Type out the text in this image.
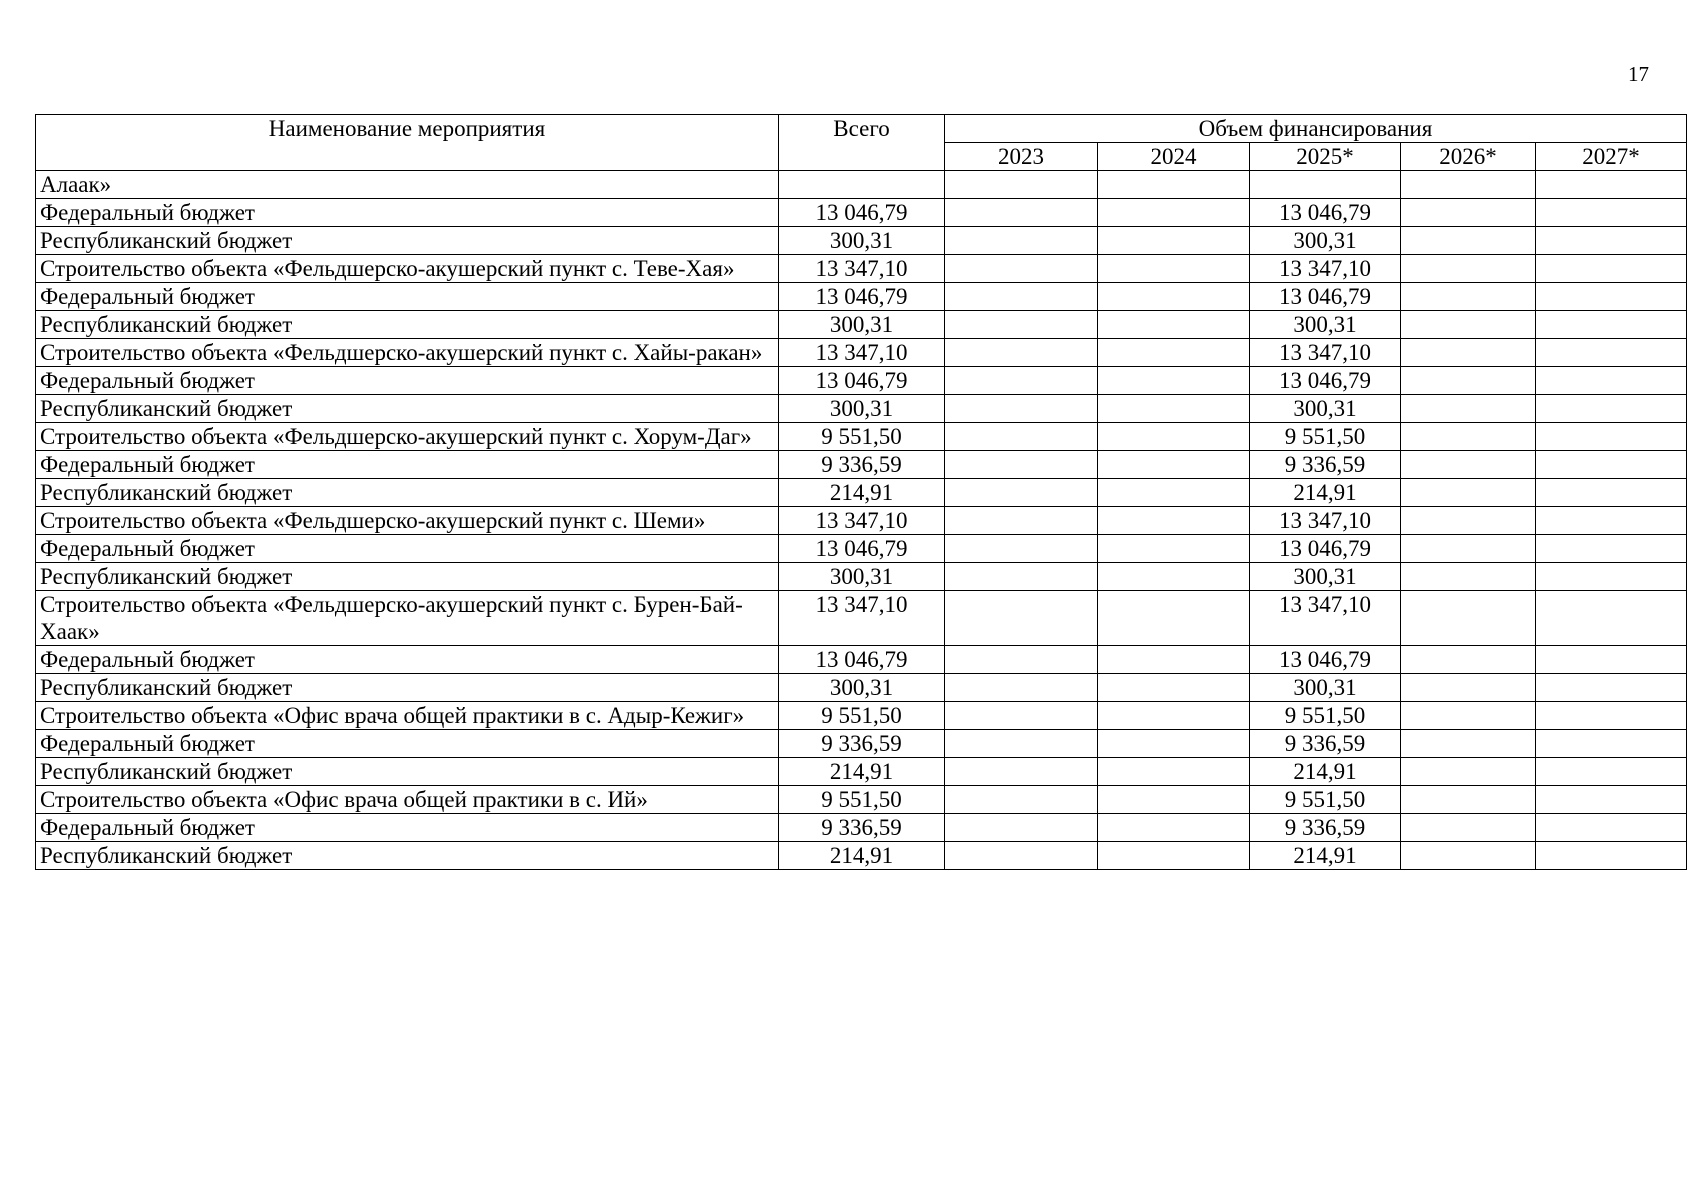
17
Наименование мероприятия	Всего	Объем финансирования				
		2023	2024	2025*	2026*	2027*
Алаак»						
Федеральный бюджет	13 046,79			13 046,79		
Республиканский бюджет	300,31			300,31		
Строительство объекта «Фельдшерско-акушерский пункт с. Теве-Хая»	13 347,10			13 347,10		
Федеральный бюджет	13 046,79			13 046,79		
Республиканский бюджет	300,31			300,31		
Строительство объекта «Фельдшерско-акушерский пункт с. Хайы-ракан»	13 347,10			13 347,10		
Федеральный бюджет	13 046,79			13 046,79		
Республиканский бюджет	300,31			300,31		
Строительство объекта «Фельдшерско-акушерский пункт с. Хорум-Даг»	9 551,50			9 551,50		
Федеральный бюджет	9 336,59			9 336,59		
Республиканский бюджет	214,91			214,91		
Строительство объекта «Фельдшерско-акушерский пункт с. Шеми»	13 347,10			13 347,10		
Федеральный бюджет	13 046,79			13 046,79		
Республиканский бюджет	300,31			300,31		
Строительство объекта «Фельдшерско-акушерский пункт с. Бурен-Бай-Хаак»	13 347,10			13 347,10		
Федеральный бюджет	13 046,79			13 046,79		
Республиканский бюджет	300,31			300,31		
Строительство объекта «Офис врача общей практики в с. Адыр-Кежиг»	9 551,50			9 551,50		
Федеральный бюджет	9 336,59			9 336,59		
Республиканский бюджет	214,91			214,91		
Строительство объекта «Офис врача общей практики в с. Ий»	9 551,50			9 551,50		
Федеральный бюджет	9 336,59			9 336,59		
Республиканский бюджет	214,91			214,91		
